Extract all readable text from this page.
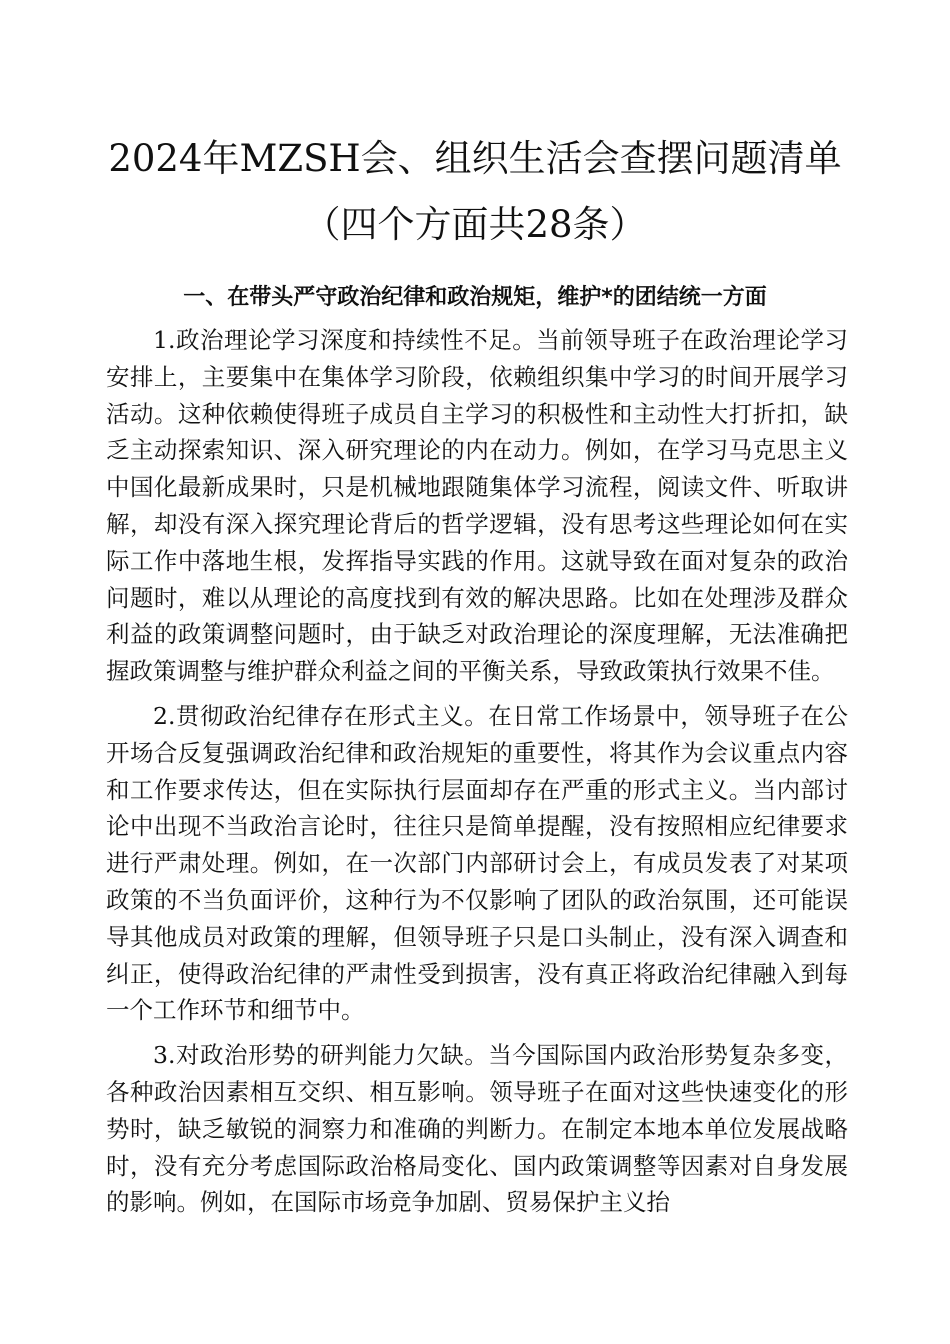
2024年MZSH会、组织生活会查摆问题清单（四个方面共28条）
一、在带头严守政治纪律和政治规矩，维护*的团结统一方面

1.政治理论学习深度和持续性不足。当前领导班子在政治理论学习安排上，主要集中在集体学习阶段，依赖组织集中学习的时间开展学习活动。这种依赖使得班子成员自主学习的积极性和主动性大打折扣，缺乏主动探索知识、深入研究理论的内在动力。例如，在学习马克思主义中国化最新成果时，只是机械地跟随集体学习流程，阅读文件、听取讲解，却没有深入探究理论背后的哲学逻辑，没有思考这些理论如何在实际工作中落地生根，发挥指导实践的作用。这就导致在面对复杂的政治问题时，难以从理论的高度找到有效的解决思路。比如在处理涉及群众利益的政策调整问题时，由于缺乏对政治理论的深度理解，无法准确把握政策调整与维护群众利益之间的平衡关系，导致政策执行效果不佳。

2.贯彻政治纪律存在形式主义。在日常工作场景中，领导班子在公开场合反复强调政治纪律和政治规矩的重要性，将其作为会议重点内容和工作要求传达，但在实际执行层面却存在严重的形式主义。当内部讨论中出现不当政治言论时，往往只是简单提醒，没有按照相应纪律要求进行严肃处理。例如，在一次部门内部研讨会上，有成员发表了对某项政策的不当负面评价，这种行为不仅影响了团队的政治氛围，还可能误导其他成员对政策的理解，但领导班子只是口头制止，没有深入调查和纠正，使得政治纪律的严肃性受到损害，没有真正将政治纪律融入到每一个工作环节和细节中。

3.对政治形势的研判能力欠缺。当今国际国内政治形势复杂多变，各种政治因素相互交织、相互影响。领导班子在面对这些快速变化的形势时，缺乏敏锐的洞察力和准确的判断力。在制定本地本单位发展战略时，没有充分考虑国际政治格局变化、国内政策调整等因素对自身发展的影响。例如，在国际市场竞争加剧、贸易保护主义抬
